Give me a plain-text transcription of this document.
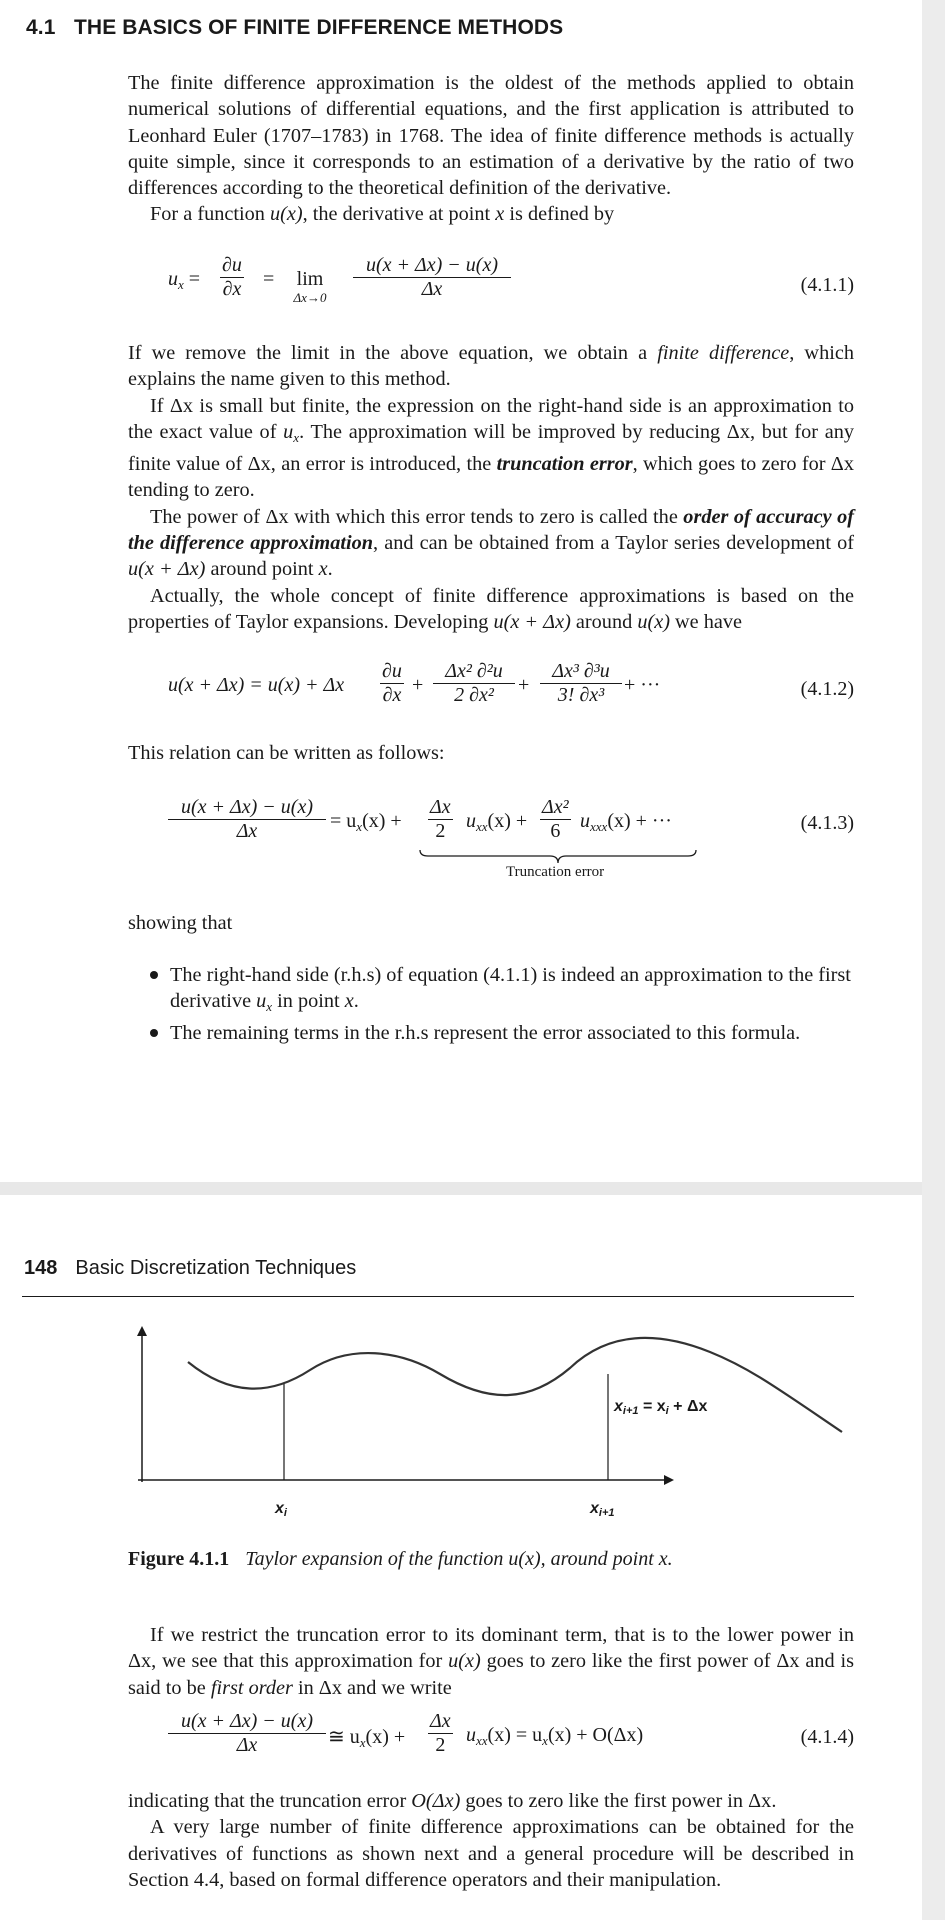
4.1 THE BASICS OF FINITE DIFFERENCE METHODS

The finite difference approximation is the oldest of the methods applied to obtain numerical solutions of differential equations, and the first application is attributed to Leonhard Euler (1707–1783) in 1768. The idea of finite difference methods is actually quite simple, since it corresponds to an estimation of a derivative by the ratio of two differences according to the theoretical definition of the derivative.

For a function u(x), the derivative at point x is defined by

$u_x = \frac{\partial u}{\partial x}$ =	lim
Δx→0	$\frac{u(x + \Delta x) - u(x)}{\Delta x}$	(4.1.1)

If we remove the limit in the above equation, we obtain a finite difference, which explains the name given to this method.

If Δx is small but finite, the expression on the right-hand side is an approximation to the exact value of $u_x$. The approximation will be improved by reducing Δx, but for any finite value of Δx, an error is introduced, the truncation error, which goes to zero for Δx tending to zero.

The power of Δx with which this error tends to zero is called the order of accuracy of the difference approximation, and can be obtained from a Taylor series development of u(x + Δx) around point x.

Actually, the whole concept of finite difference approximations is based on the properties of Taylor expansions. Developing u(x + Δx) around u(x) we have

u(x + Δx) = u(x) + Δx $\frac{\partial u}{\partial x} + \frac{\text{Δx² ∂²u}}{\text{2 ∂x²}} + \frac{\text{Δx³ ∂³u}}{\text{3! ∂x³}}$ + ···	(4.1.2)
This relation can be written as follows:
$\frac{u(x + \Delta x) - u(x)}{\Delta x} = u_x(x) + \frac{\Delta x}{2} u_{xx}(x) + \frac{\text{Δx²}}{6} u_{xxx}(x)$ + ···
Truncation error
(4.1.3)
showing that
The right-hand side (r.h.s) of equation (4.1.1) is indeed an approximation to the first derivative $u_x$ in point x.
The remaining terms in the r.h.s represent the error associated to this formula.
148 Basic Discretization Techniques
xi	xi+1
xi+1 = xi + Δx
Figure 4.1.1 Taylor expansion of the function u(x), around point x.

If we restrict the truncation error to its dominant term, that is to the lower power in Δx, we see that this approximation for u(x) goes to zero like the first power of Δx and is said to be first order in Δx and we write

$\frac{u(x + \Delta x) - u(x)}{\Delta x}$ ≅ $u_x(x) + \frac{\Delta x}{2} u_{xx}(x) = u_x(x) + O(\Delta x)$	(4.1.4)

indicating that the truncation error O(Δx) goes to zero like the first power in Δx.

A very large number of finite difference approximations can be obtained for the derivatives of functions as shown next and a general procedure will be described in Section 4.4, based on formal difference operators and their manipulation.
